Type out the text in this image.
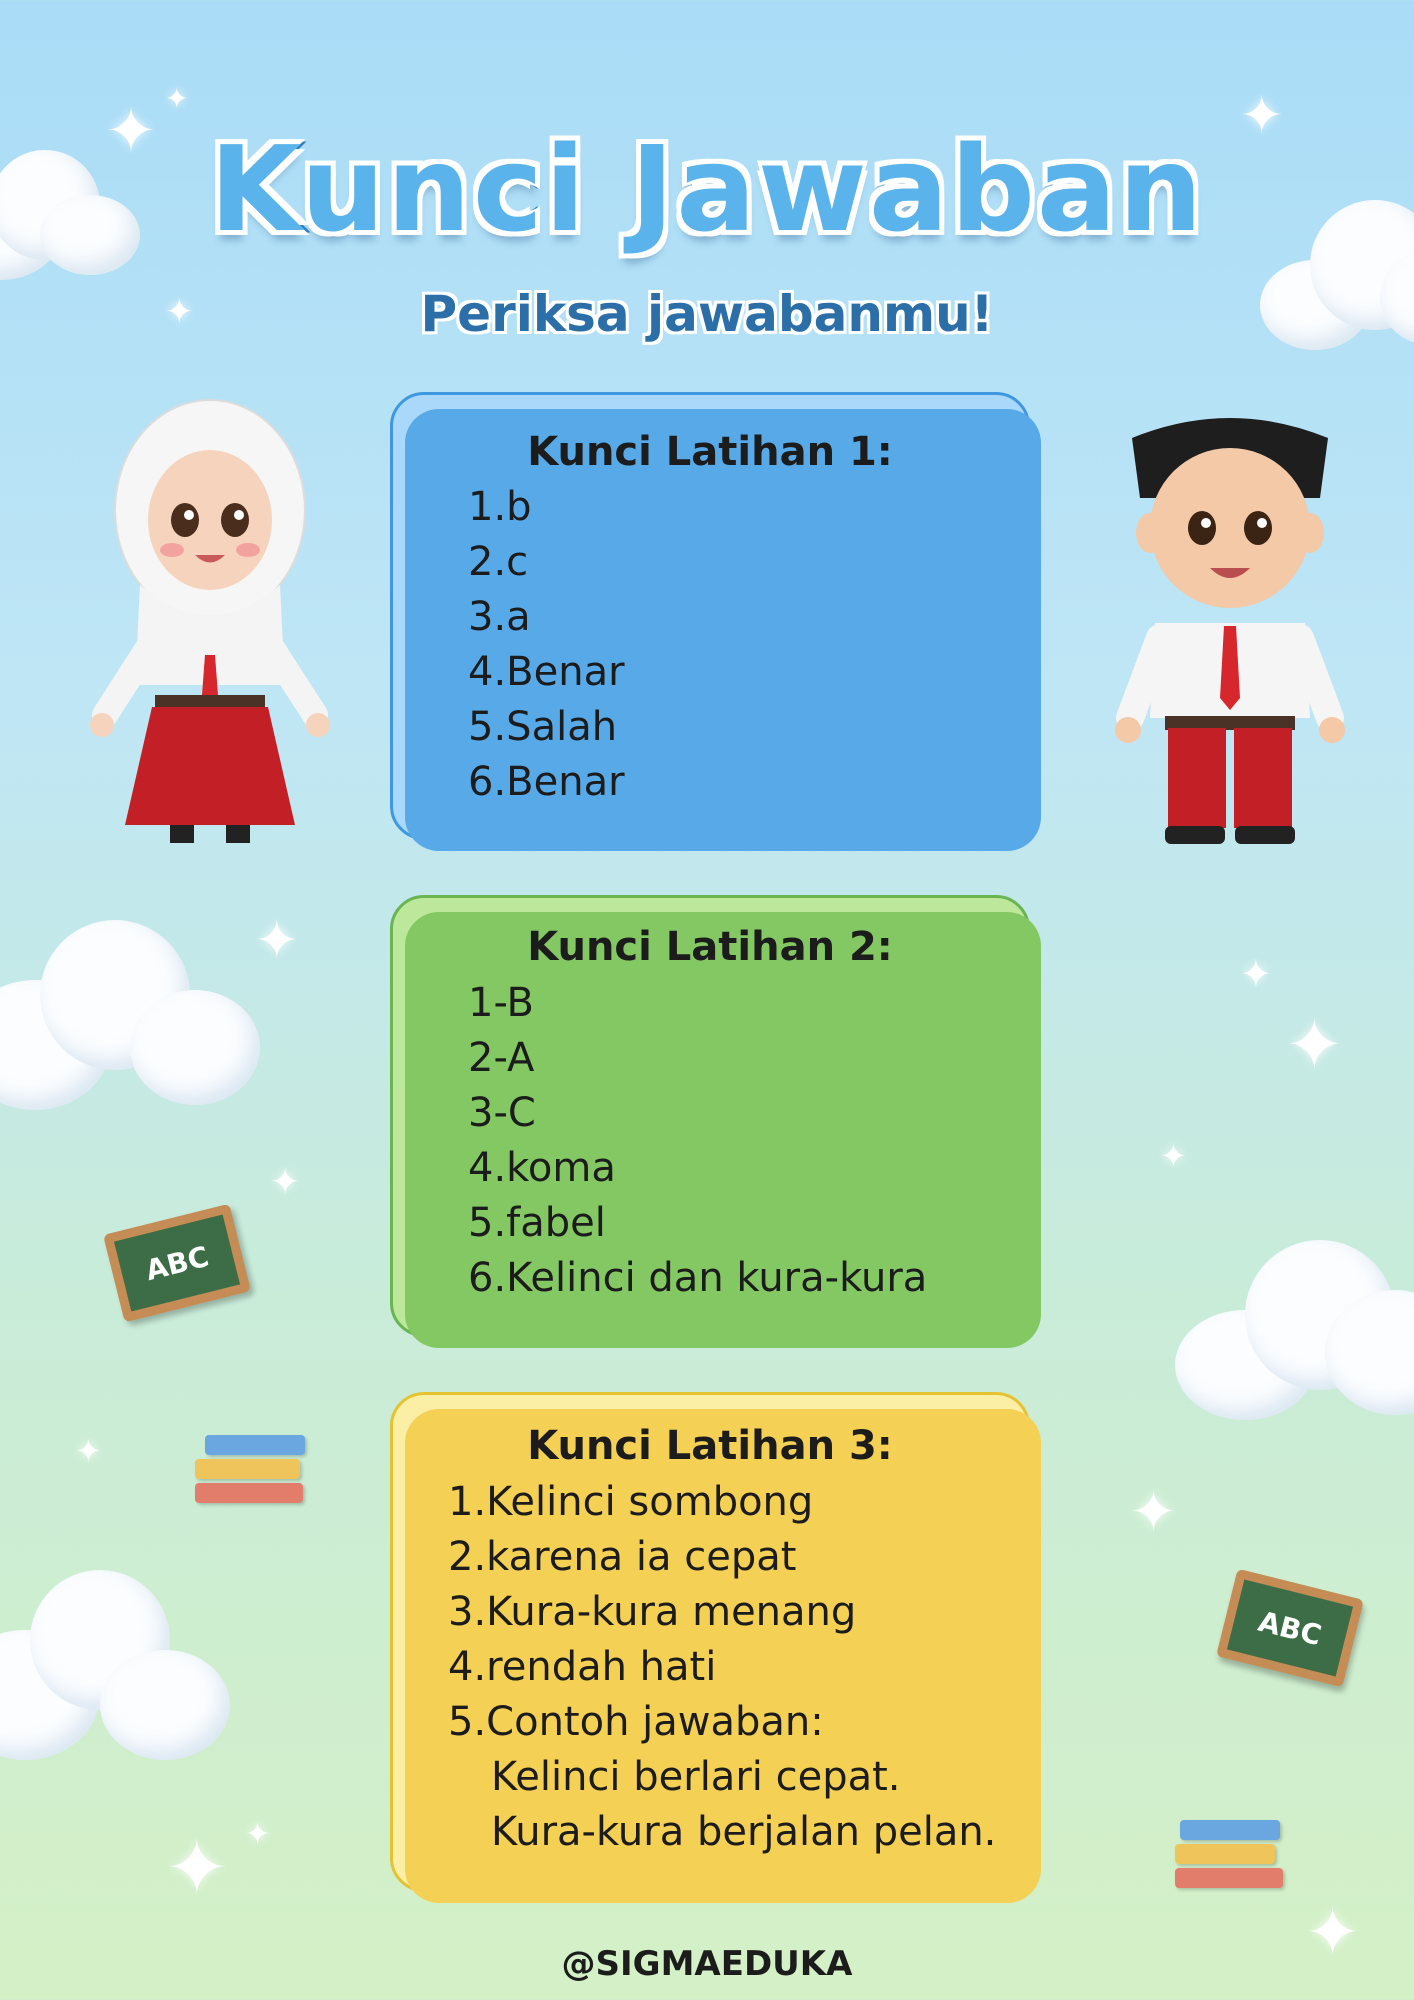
✦ ✦
✦
✦
✦
✦
✦
✦
✦
✦
✦
✦ ✦
✦
ABC
ABC
Kunci Jawaban
Periksa jawabanmu!
Kunci Latihan 1:
1.b
2.c
3.a
4.Benar
5.Salah
6.Benar
Kunci Latihan 2:
1-B
2-A
3-C
4.koma
5.fabel
6.Kelinci dan kura-kura
Kunci Latihan 3:
1.Kelinci sombong
2.karena ia cepat
3.Kura-kura menang
4.rendah hati
5.Contoh jawaban:
Kelinci berlari cepat.
Kura-kura berjalan pelan.
@SIGMAEDUKA
